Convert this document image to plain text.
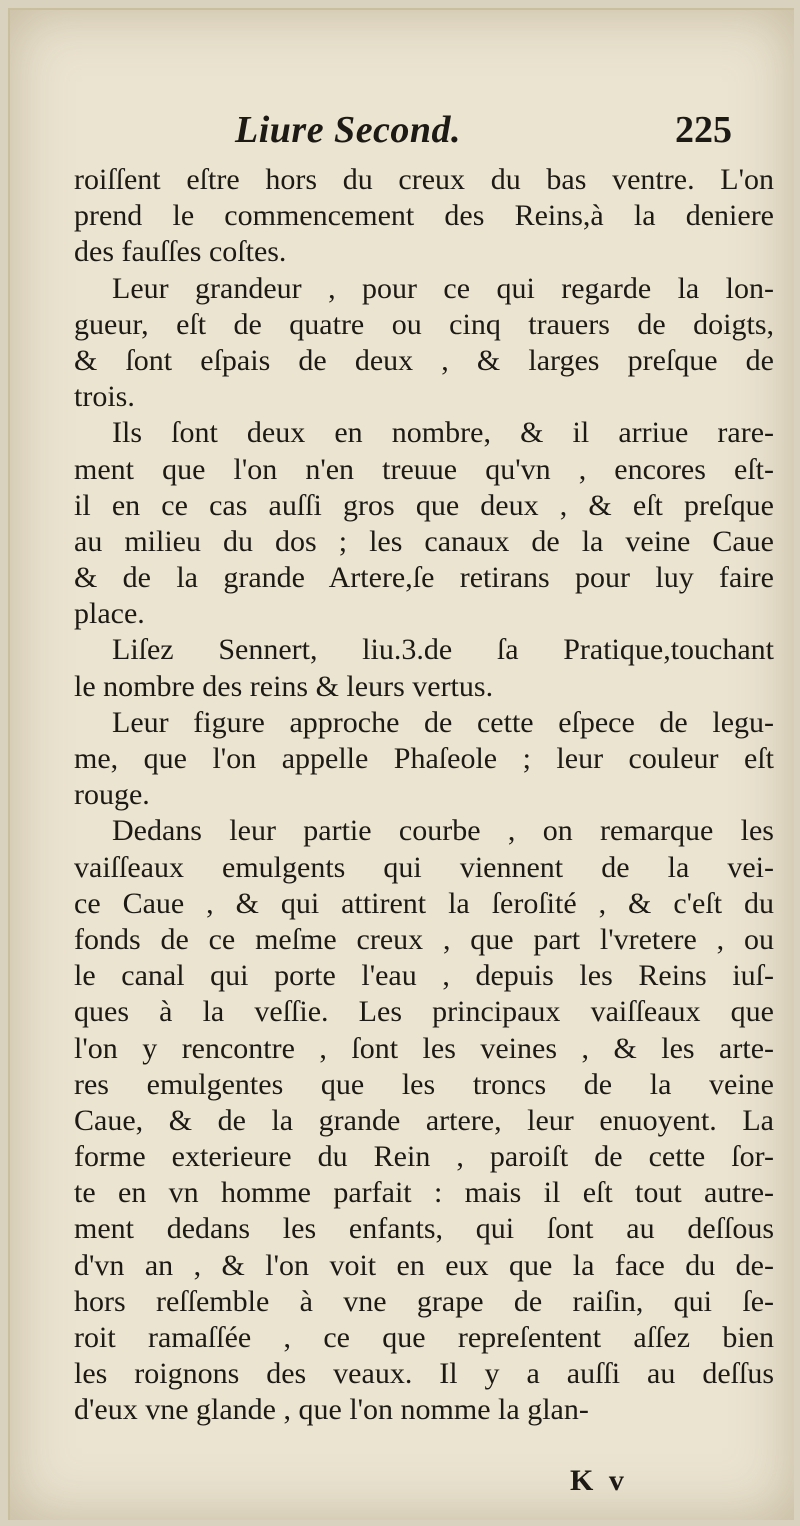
Liure Second.	225
roiſſent eſtre hors du creux du bas ventre. L'on
prend le commencement des Reins,à la deniere
des fauſſes coſtes.
Leur grandeur , pour ce qui regarde la lon-
gueur, eſt de quatre ou cinq trauers de doigts,
& ſont eſpais de deux , & larges preſque de
trois.
Ils ſont deux en nombre, & il arriue rare-
ment que l'on n'en treuue qu'vn , encores eſt-
il en ce cas auſſi gros que deux , & eſt preſque
au milieu du dos ; les canaux de la veine Caue
& de la grande Artere,ſe retirans pour luy faire
place.
Liſez Sennert, liu.3.de ſa Pratique,touchant
le nombre des reins & leurs vertus.
Leur figure approche de cette eſpece de legu-
me, que l'on appelle Phaſeole ; leur couleur eſt
rouge.
Dedans leur partie courbe , on remarque les
vaiſſeaux emulgents qui viennent de la vei-
ce Caue , & qui attirent la ſeroſité , & c'eſt du
fonds de ce meſme creux , que part l'vretere , ou
le canal qui porte l'eau , depuis les Reins iuſ-
ques à la veſſie. Les principaux vaiſſeaux que
l'on y rencontre , ſont les veines , & les arte-
res emulgentes que les troncs de la veine
Caue, & de la grande artere, leur enuoyent. La
forme exterieure du Rein , paroiſt de cette ſor-
te en vn homme parfait : mais il eſt tout autre-
ment dedans les enfants, qui ſont au deſſous
d'vn an , & l'on voit en eux que la face du de-
hors reſſemble à vne grape de raiſin, qui ſe-
roit ramaſſée , ce que repreſentent aſſez bien
les roignons des veaux. Il y a auſſi au deſſus
d'eux vne glande , que l'on nomme la glan-
K v
